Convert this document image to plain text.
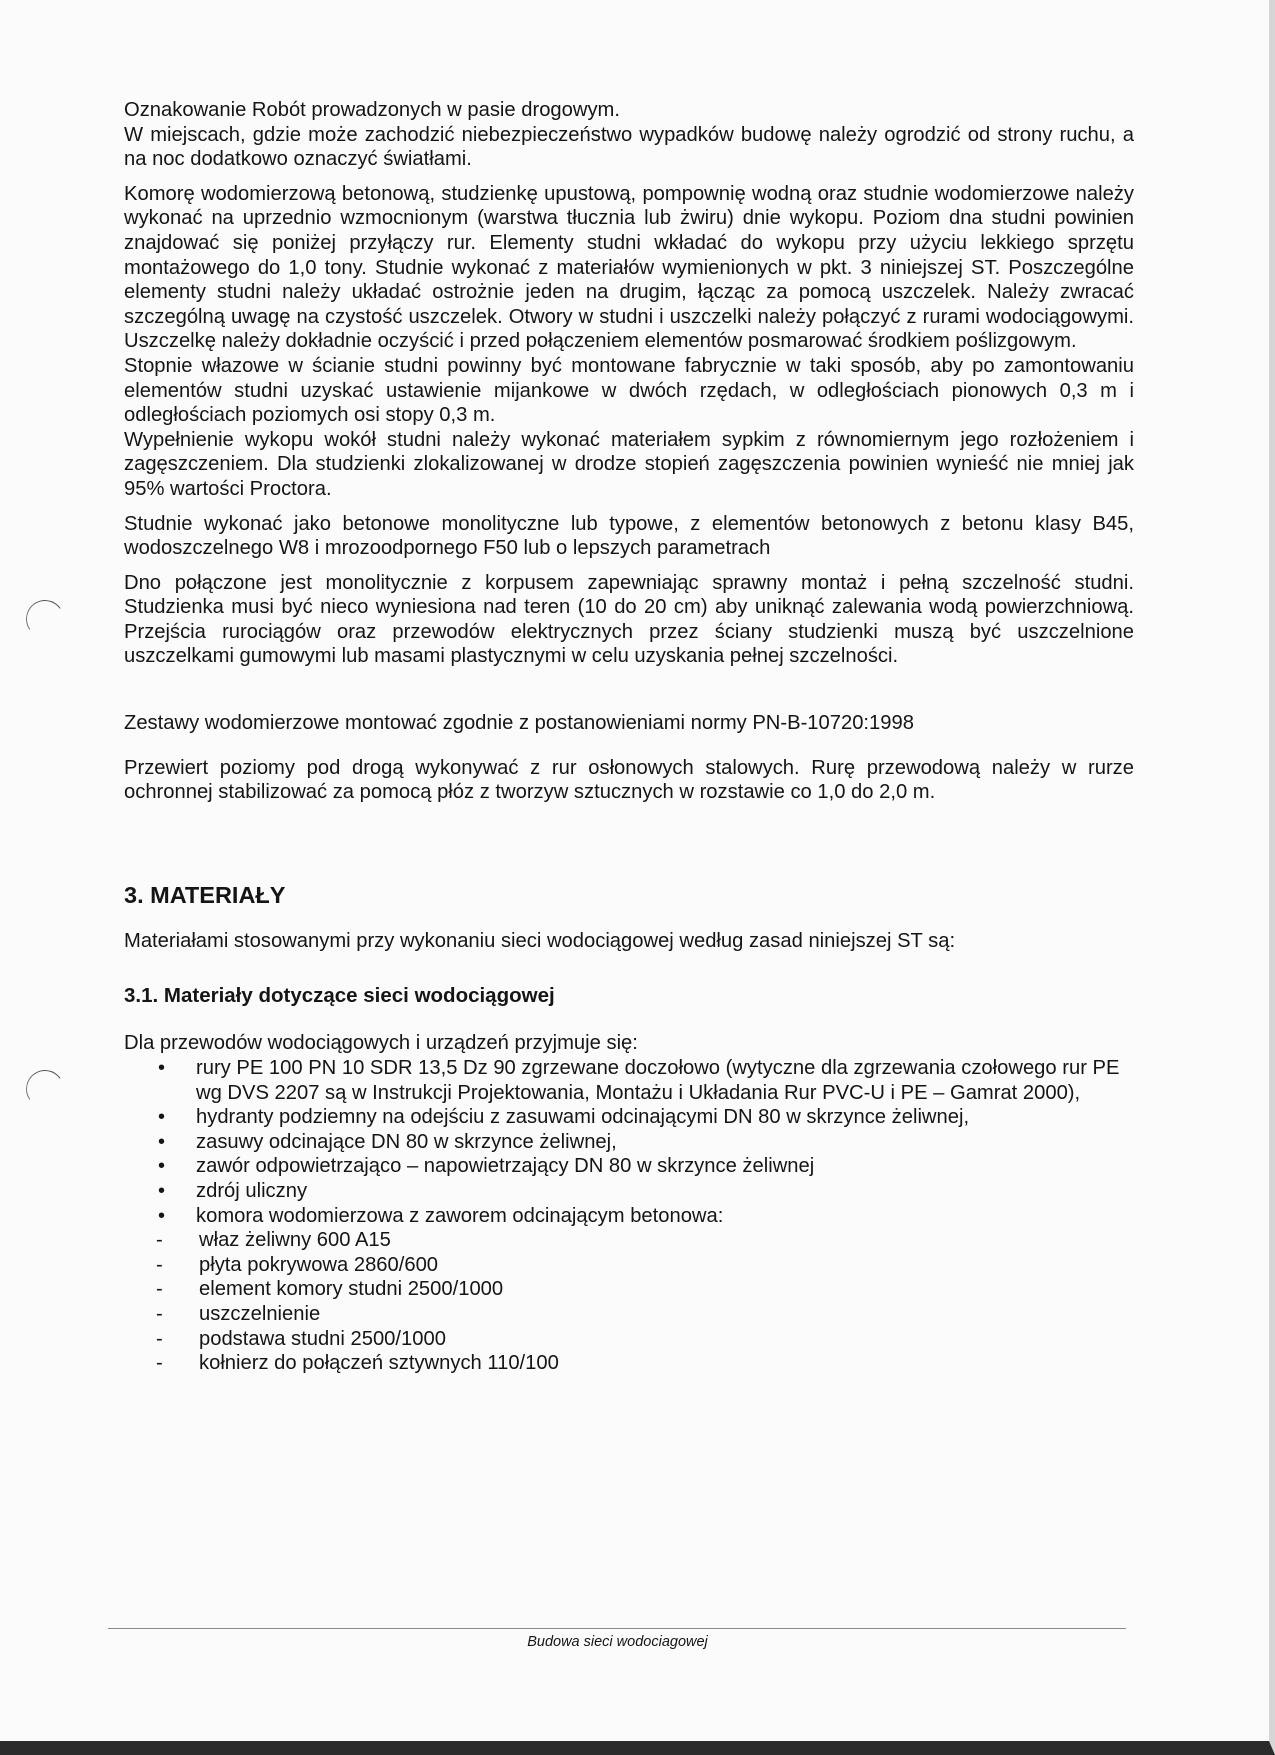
Oznakowanie Robót prowadzonych w pasie drogowym.

W miejscach, gdzie może zachodzić niebezpieczeństwo wypadków budowę należy ogrodzić od strony ruchu, a na noc dodatkowo oznaczyć światłami.

Komorę wodomierzową betonową, studzienkę upustową, pompownię wodną oraz studnie wodomierzowe należy wykonać na uprzednio wzmocnionym (warstwa tłucznia lub żwiru) dnie wykopu. Poziom dna studni powinien znajdować się poniżej przyłączy rur. Elementy studni wkładać do wykopu przy użyciu lekkiego sprzętu montażowego do 1,0 tony. Studnie wykonać z materiałów wymienionych w pkt. 3 niniejszej ST. Poszczególne elementy studni należy układać ostrożnie jeden na drugim, łącząc za pomocą uszczelek. Należy zwracać szczególną uwagę na czystość uszczelek. Otwory w studni i uszczelki należy połączyć z rurami wodociągowymi. Uszczelkę należy dokładnie oczyścić i przed połączeniem elementów posmarować środkiem poślizgowym.

Stopnie włazowe w ścianie studni powinny być montowane fabrycznie w taki sposób, aby po zamontowaniu elementów studni uzyskać ustawienie mijankowe w dwóch rzędach, w odległościach pionowych 0,3 m i odległościach poziomych osi stopy 0,3 m.

Wypełnienie wykopu wokół studni należy wykonać materiałem sypkim z równomiernym jego rozłożeniem i zagęszczeniem. Dla studzienki zlokalizowanej w drodze stopień zagęszczenia powinien wynieść nie mniej jak 95% wartości Proctora.

Studnie wykonać jako betonowe monolityczne lub typowe, z elementów betonowych z betonu klasy B45, wodoszczelnego W8 i mrozoodpornego F50 lub o lepszych parametrach

Dno połączone jest monolitycznie z korpusem zapewniając sprawny montaż i pełną szczelność studni. Studzienka musi być nieco wyniesiona nad teren (10 do 20 cm) aby uniknąć zalewania wodą powierzchniową. Przejścia rurociągów oraz przewodów elektrycznych przez ściany studzienki muszą być uszczelnione uszczelkami gumowymi lub masami plastycznymi w celu uzyskania pełnej szczelności.

Zestawy wodomierzowe montować zgodnie z postanowieniami normy PN-B-10720:1998

Przewiert poziomy pod drogą wykonywać z rur osłonowych stalowych. Rurę przewodową należy w rurze ochronnej stabilizować za pomocą płóz z tworzyw sztucznych w rozstawie co 1,0 do 2,0 m.

3. MATERIAŁY

Materiałami stosowanymi przy wykonaniu sieci wodociągowej według zasad niniejszej ST są:

3.1. Materiały dotyczące sieci wodociągowej

Dla przewodów wodociągowych i urządzeń przyjmuje się:

• rury PE 100 PN 10 SDR 13,5 Dz 90 zgrzewane doczołowo (wytyczne dla zgrzewania czołowego rur PE wg DVS 2207 są w Instrukcji Projektowania, Montażu i Układania Rur PVC-U i PE – Gamrat 2000),
• hydranty podziemny na odejściu z zasuwami odcinającymi DN 80 w skrzynce żeliwnej,
• zasuwy odcinające DN 80 w skrzynce żeliwnej,
• zawór odpowietrzająco – napowietrzający DN 80 w skrzynce żeliwnej
• zdrój uliczny
• komora wodomierzowa z zaworem odcinającym betonowa:
- właz żeliwny 600 A15
- płyta pokrywowa 2860/600
- element komory studni 2500/1000
- uszczelnienie
- podstawa studni 2500/1000
- kołnierz do połączeń sztywnych 110/100
Budowa sieci wodociagowej
